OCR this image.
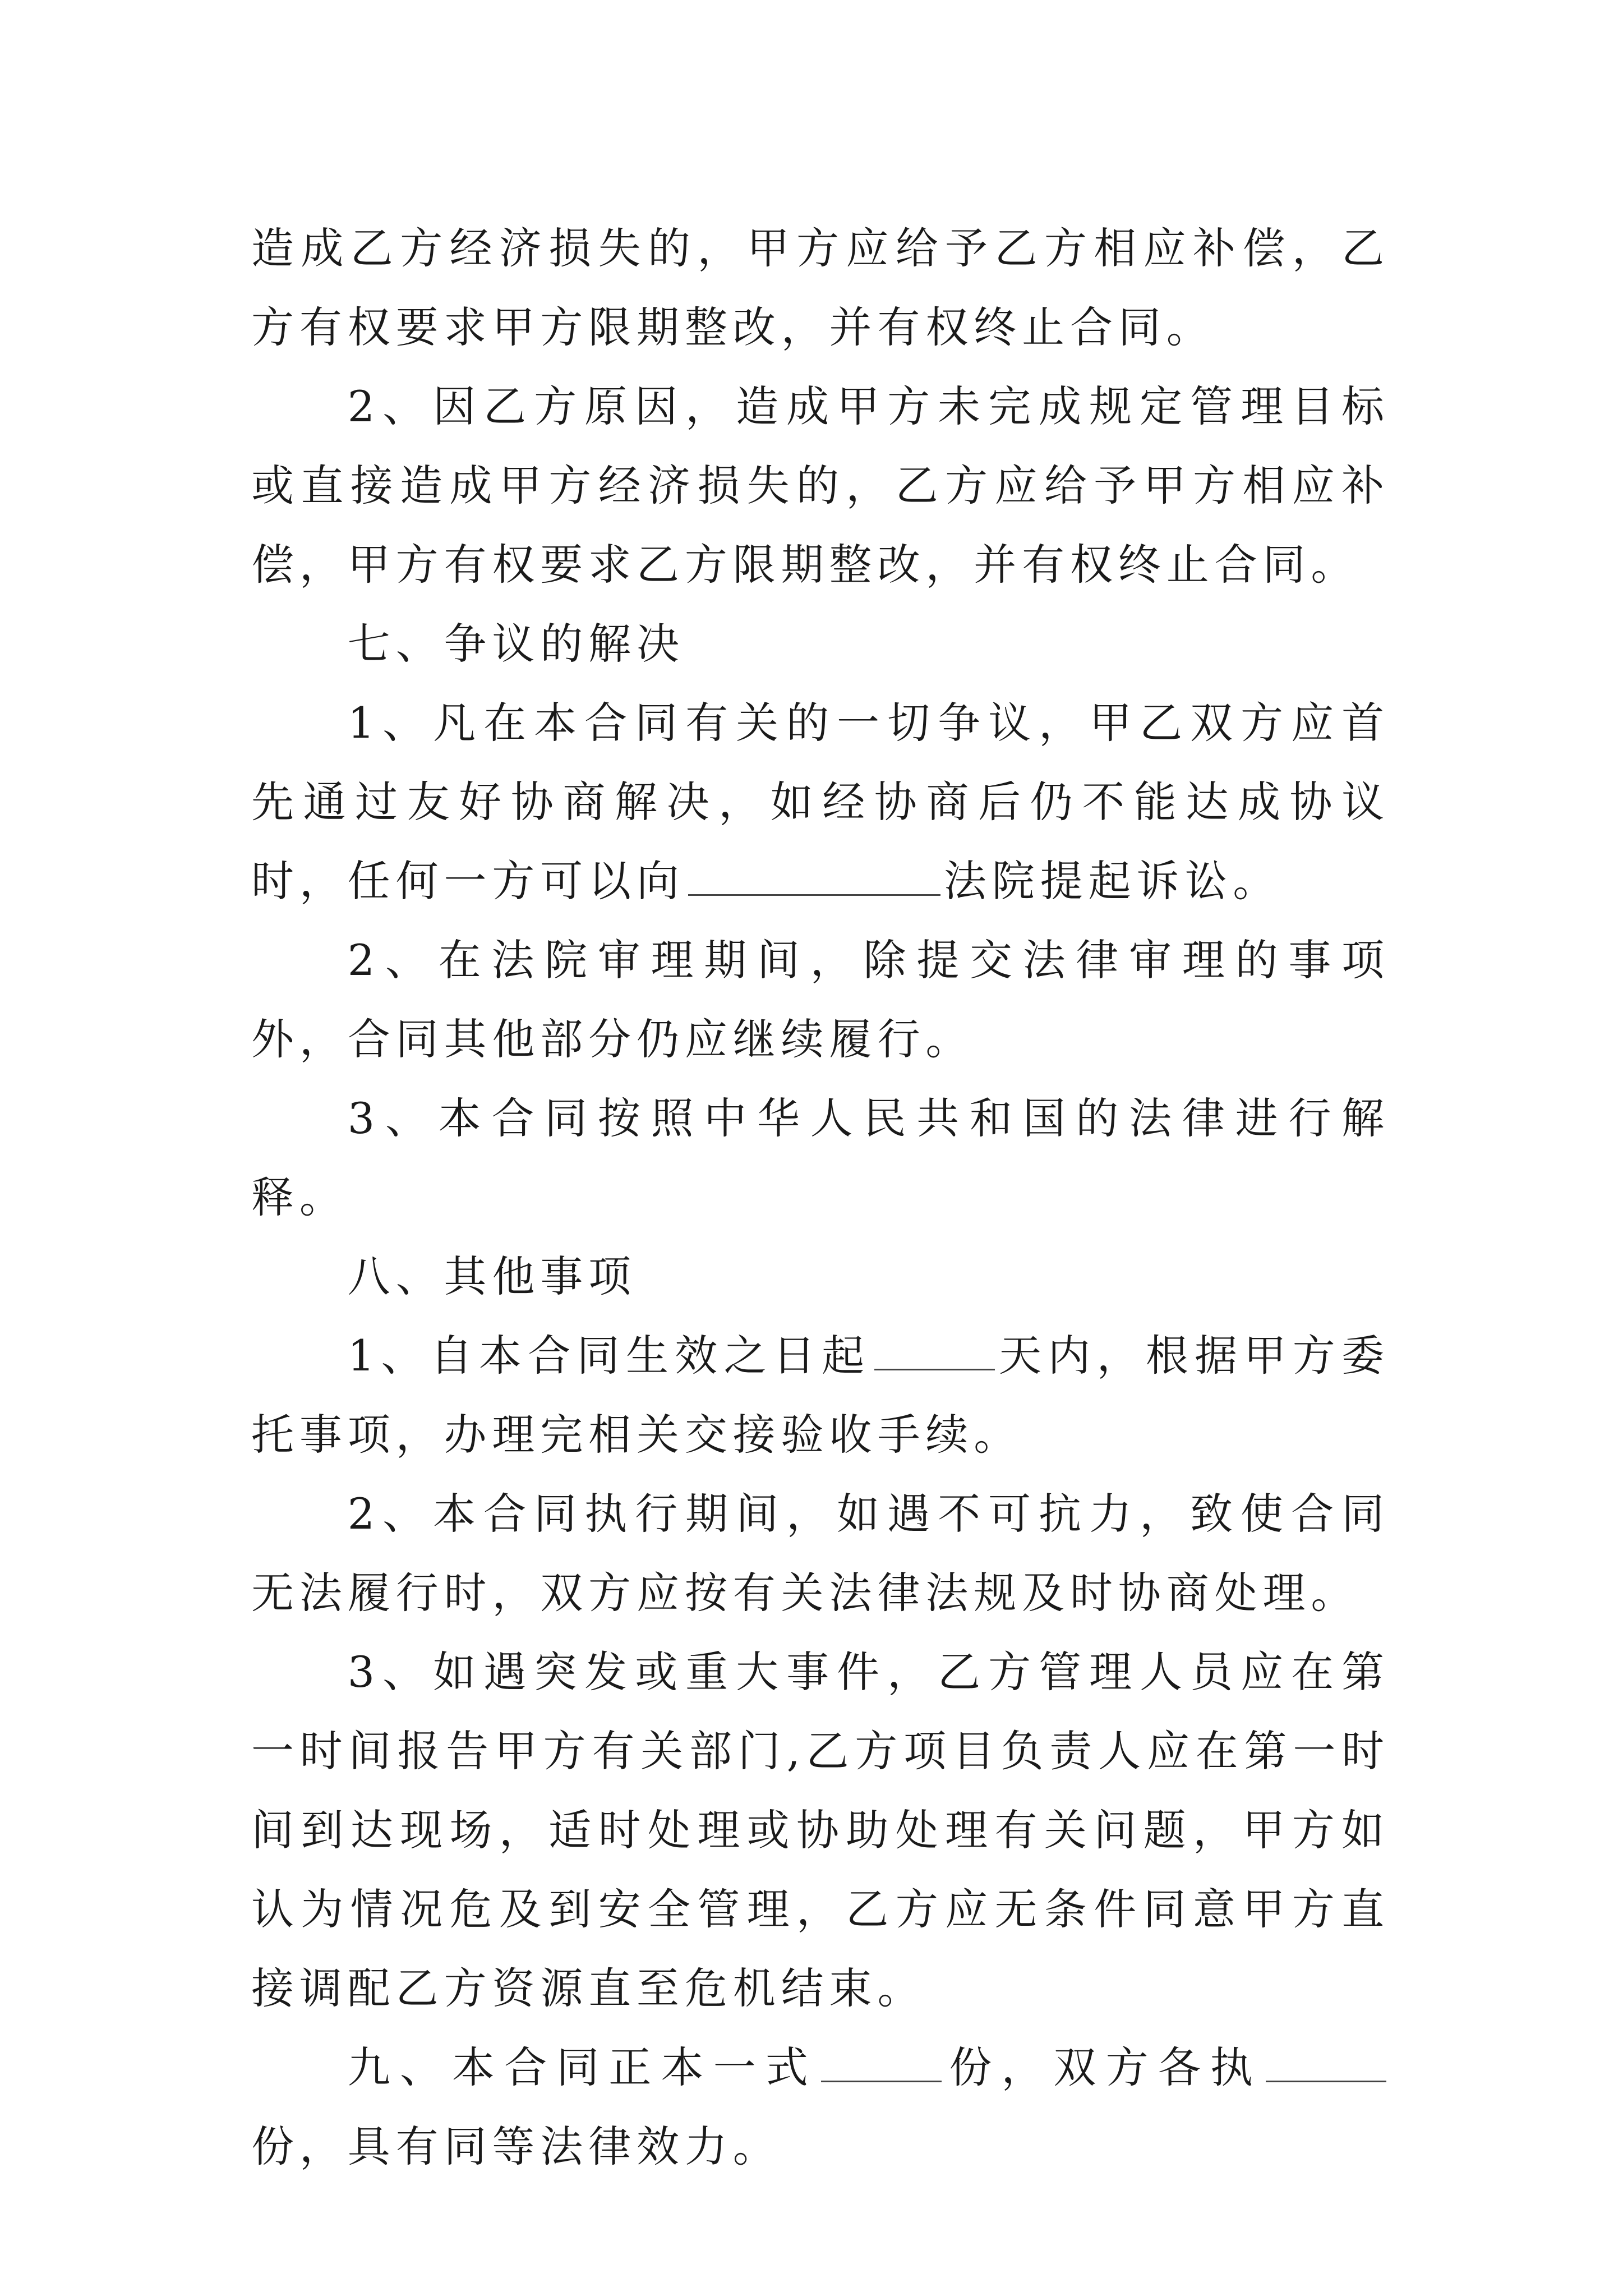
造成乙方经济损失的，甲方应给予乙方相应补偿，乙方有权要求甲方限期整改，并有权终止合同。

2、因乙方原因，造成甲方未完成规定管理目标或直接造成甲方经济损失的，乙方应给予甲方相应补偿，甲方有权要求乙方限期整改，并有权终止合同。

七、争议的解决

1、凡在本合同有关的一切争议，甲乙双方应首先通过友好协商解决，如经协商后仍不能达成协议时，任何一方可以向	法院提起诉讼。

2、在法院审理期间，除提交法律审理的事项外，合同其他部分仍应继续履行。

3、本合同按照中华人民共和国的法律进行解释。

八、其他事项

1、自本合同生效之日起	天内，根据甲方委托事项，办理完相关交接验收手续。

2、本合同执行期间，如遇不可抗力，致使合同无法履行时，双方应按有关法律法规及时协商处理。

3、如遇突发或重大事件，乙方管理人员应在第一时间报告甲方有关部门,乙方项目负责人应在第一时间到达现场，适时处理或协助处理有关问题，甲方如认为情况危及到安全管理，乙方应无条件同意甲方直接调配乙方资源直至危机结束。

九、本合同正本一式	份，双方各执份，具有同等法律效力。
